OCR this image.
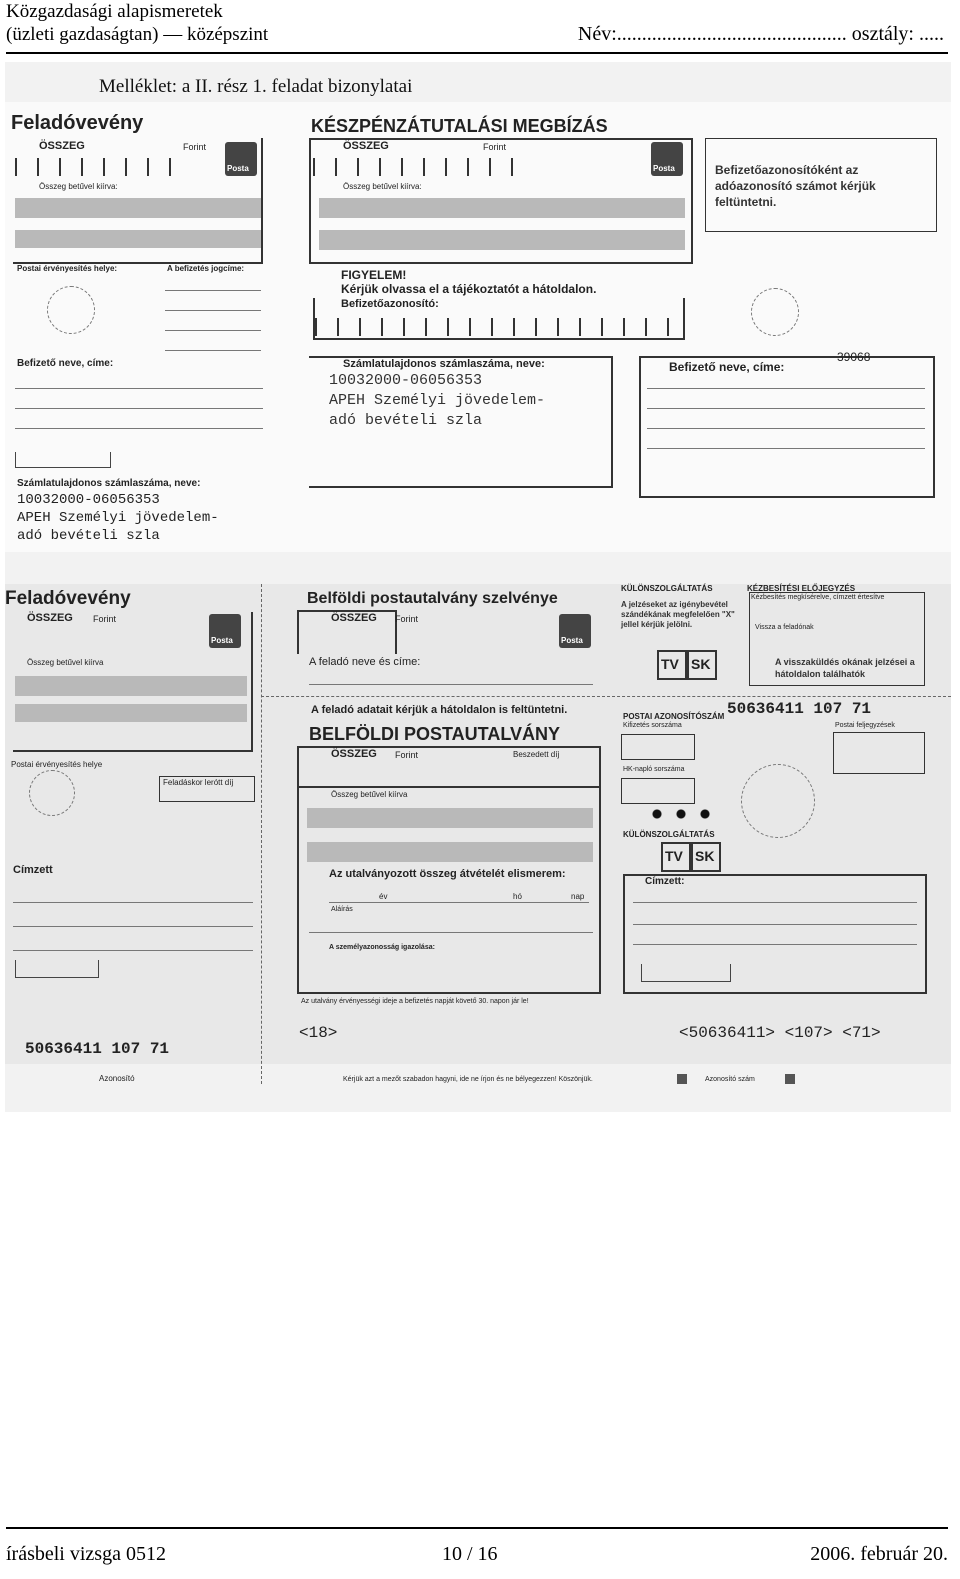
Közgazdasági alapismeretek
(üzleti gazdaságtan) — középszint	Név:.............................................. osztály: .....
Melléklet: a II. rész 1. feladat bizonylatai
Feladóvevény
ÖSSZEG	Forint
Posta
Összeg betűvel kiírva:
Postai érvényesítés helye:	A befizetés jogcíme:
Befizető neve, címe:
Számlatulajdonos számlaszáma, neve:
10032000-06056353
APEH Személyi jövedelem-
adó bevételi szla
KÉSZPÉNZÁTUTALÁSI MEGBÍZÁS
ÖSSZEG	Forint
Posta
Összeg betűvel kiírva:
Befizetőazonosítóként az adóazonosító számot kérjük feltüntetni.
FIGYELEM!
Kérjük olvassa el a tájékoztatót a hátoldalon.
Befizetőazonosító:
Számlatulajdonos számlaszáma, neve:
10032000-06056353
APEH Személyi jövedelem-
adó bevételi szla
Befizető neve, címe:
39068
Feladóvevény
ÖSSZEG Forint
Posta
Összeg betűvel kiírva
Postai érvényesítés helye
Feladáskor lerótt díj
Címzett
50636411 107 71
Azonosító
Belföldi postautalvány szelvénye
ÖSSZEG Forint
Posta
A feladó neve és címe:
KÜLÖNSZOLGÁLTATÁS
A jelzéseket az igénybevétel szándékának megfelelően "X" jellel kérjük jelölni.
TV SK
KÉZBESÍTÉSI ELŐJEGYZÉS
Kézbesítés megkísérelve, címzett értesítve
Vissza a feladónak
A visszaküldés okának jelzései a hátoldalon találhatók
A feladó adatait kérjük a hátoldalon is feltüntetni.
BELFÖLDI POSTAUTALVÁNY
ÖSSZEG Forint	Beszedett díj
POSTAI AZONOSÍTÓSZÁM 50636411 107 71
Kifizetés sorszáma	Postai feljegyzések
HK-napló sorszáma
KÜLÖNSZOLGÁLTATÁS
TV SK
Összeg betűvel kiírva
Az utalványozott összeg átvételét elismerem:
év	hó	nap
Aláírás
A személyazonosság igazolása:
Címzett:
Az utalvány érvényességi ideje a befizetés napját követő 30. napon jár le!
<18>	<50636411> <107> <71>
Kérjük azt a mezőt szabadon hagyni, ide ne írjon és ne bélyegezzen! Köszönjük.	Azonosító szám
írásbeli vizsga 0512	10 / 16	2006. február 20.
